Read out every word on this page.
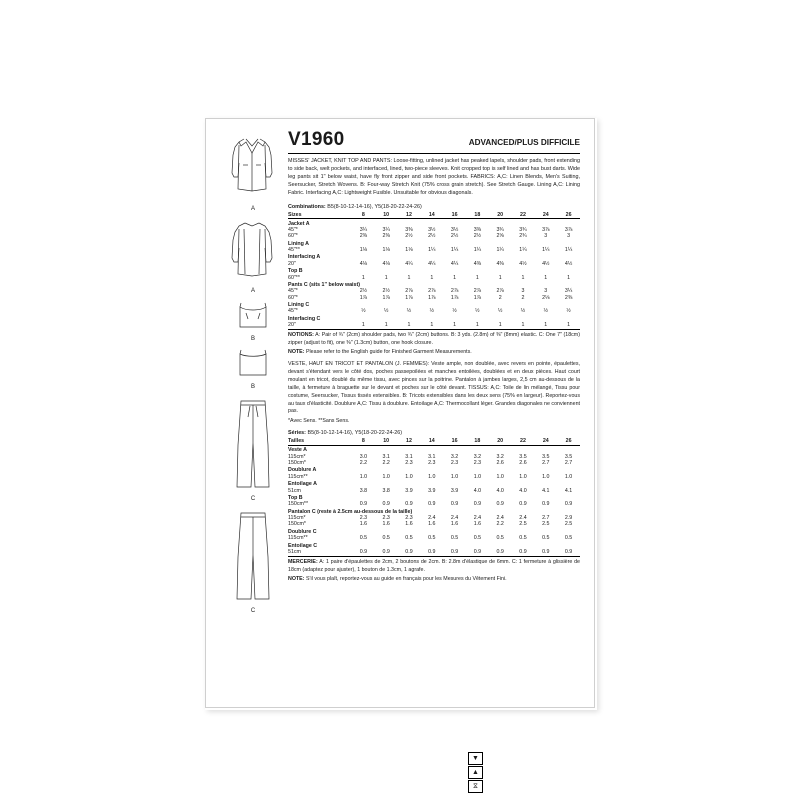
A
A
B
B
C
C
▼
▲
⧖
ADVANCED/PLUS DIFFICILE
V1960
MISSES' JACKET, KNIT TOP AND PANTS: Loose-fitting, unlined jacket has peaked lapels, shoulder pads, front extending to side back, welt pockets, and interfaced, lined, two-piece sleeves. Knit cropped top is self lined and has bust darts. Wide leg pants sit 1" below waist, have fly front zipper and side front pockets. FABRICS: A,C: Linen Blends, Men's Suiting, Seersucker, Stretch Wovens. B: Four-way Stretch Knit (75% cross grain stretch). See Stretch Gauge. Lining A,C: Lining Fabric. Interfacing A,C: Lightweight Fusible. Unsuitable for obvious diagonals.
Combinations: B5(8-10-12-14-16), Y5(18-20-22-24-26)
Sizes	8	10	12	14	16	18	20	22	24	26
Jacket A										
45"*	3¼	3¼	3⅜	3½	3½	3⅜	3¾	3¾	3⅞	3⅞
60"*	2⅜	2⅜	2½	2½	2½	2½	2⅝	2¾	3	3
Lining A										
45"**	1⅛	1⅛	1⅛	1¼	1¼	1¼	1¼	1¼	1¼	1¼
Interfacing A										
20"	4⅛	4⅛	4¼	4¼	4¼	4⅜	4⅜	4½	4½	4½
Top B										
60"**	1	1	1	1	1	1	1	1	1	1
Pants C (sits 1" below waist)										
45"*	2½	2½	2⅞	2⅞	2⅞	2⅞	2⅞	3	3	3¼
60"*	1⅞	1⅞	1⅞	1⅞	1⅞	1⅞	2	2	2⅛	2⅜
Lining C										
45"*	½	½	½	½	½	½	½	½	½	½
Interfacing C										
20"	1	1	1	1	1	1	1	1	1	1
NOTIONS: A: Pair of ¾" (2cm) shoulder pads, two ¾" (2cm) buttons. B: 3 yds. (2.8m) of ⅜" (8mm) elastic. C: One 7" (18cm) zipper (adjust to fit), one ⅜" (1.3cm) button, one hook closure.
NOTE: Please refer to the English guide for Finished Garment Measurements.
VESTE, HAUT EN TRICOT ET PANTALON (J. FEMMES): Veste ample, non doublée, avec revers en pointe, épaulettes, devant s'étendant vers le côté dos, poches passepoilées et manches entoilées, doublées et en deux pièces. Haut court moulant en tricot, doublé du même tissu, avec pinces sur la poitrine. Pantalon à jambes larges, 2,5 cm au-dessous de la taille, à fermeture à braguette sur le devant et poches sur le côté devant. TISSUS: A,C: Toile de lin mélangé, Tissu pour costume, Seersucker, Tissus tissés extensibles. B: Tricots extensibles dans les deux sens (75% en largeur). Reportez-vous au taux d'élasticité. Doublure A,C: Tissu à doublure. Entoilage A,C: Thermocollant léger. Grandes diagonales ne conviennent pas.
*Avec Sens. **Sans Sens.
Séries: B5(8-10-12-14-16), Y5(18-20-22-24-26)
Tailles	8	10	12	14	16	18	20	22	24	26
Veste A										
115cm*	3.0	3.1	3.1	3.1	3.2	3.2	3.2	3.5	3.5	3.5
150cm*	2.2	2.2	2.3	2.3	2.3	2.3	2.6	2.6	2.7	2.7
Doublure A										
115cm**	1.0	1.0	1.0	1.0	1.0	1.0	1.0	1.0	1.0	1.0
Entoilage A										
51cm	3.8	3.8	3.9	3.9	3.9	4.0	4.0	4.0	4.1	4.1
Top B										
150cm**	0.9	0.9	0.9	0.9	0.9	0.9	0.9	0.9	0.9	0.9
Pantalon C (reste à 2.5cm au-dessous de la taille)										
115cm*	2.3	2.3	2.3	2.4	2.4	2.4	2.4	2.4	2.7	2.9
150cm*	1.6	1.6	1.6	1.6	1.6	1.6	2.2	2.5	2.5	2.5
Doublure C										
115cm**	0.5	0.5	0.5	0.5	0.5	0.5	0.5	0.5	0.5	0.5
Entoilage C										
51cm	0.9	0.9	0.9	0.9	0.9	0.9	0.9	0.9	0.9	0.9
MERCERIE: A: 1 paire d'épaulettes de 2cm, 2 boutons de 2cm. B: 2.8m d'élastique de 6mm. C: 1 fermeture à glissière de 18cm (adaptez pour ajuster), 1 bouton de 1.3cm, 1 agrafe.
NOTE: S'il vous plaît, reportez-vous au guide en français pour les Mesures du Vêtement Fini.
